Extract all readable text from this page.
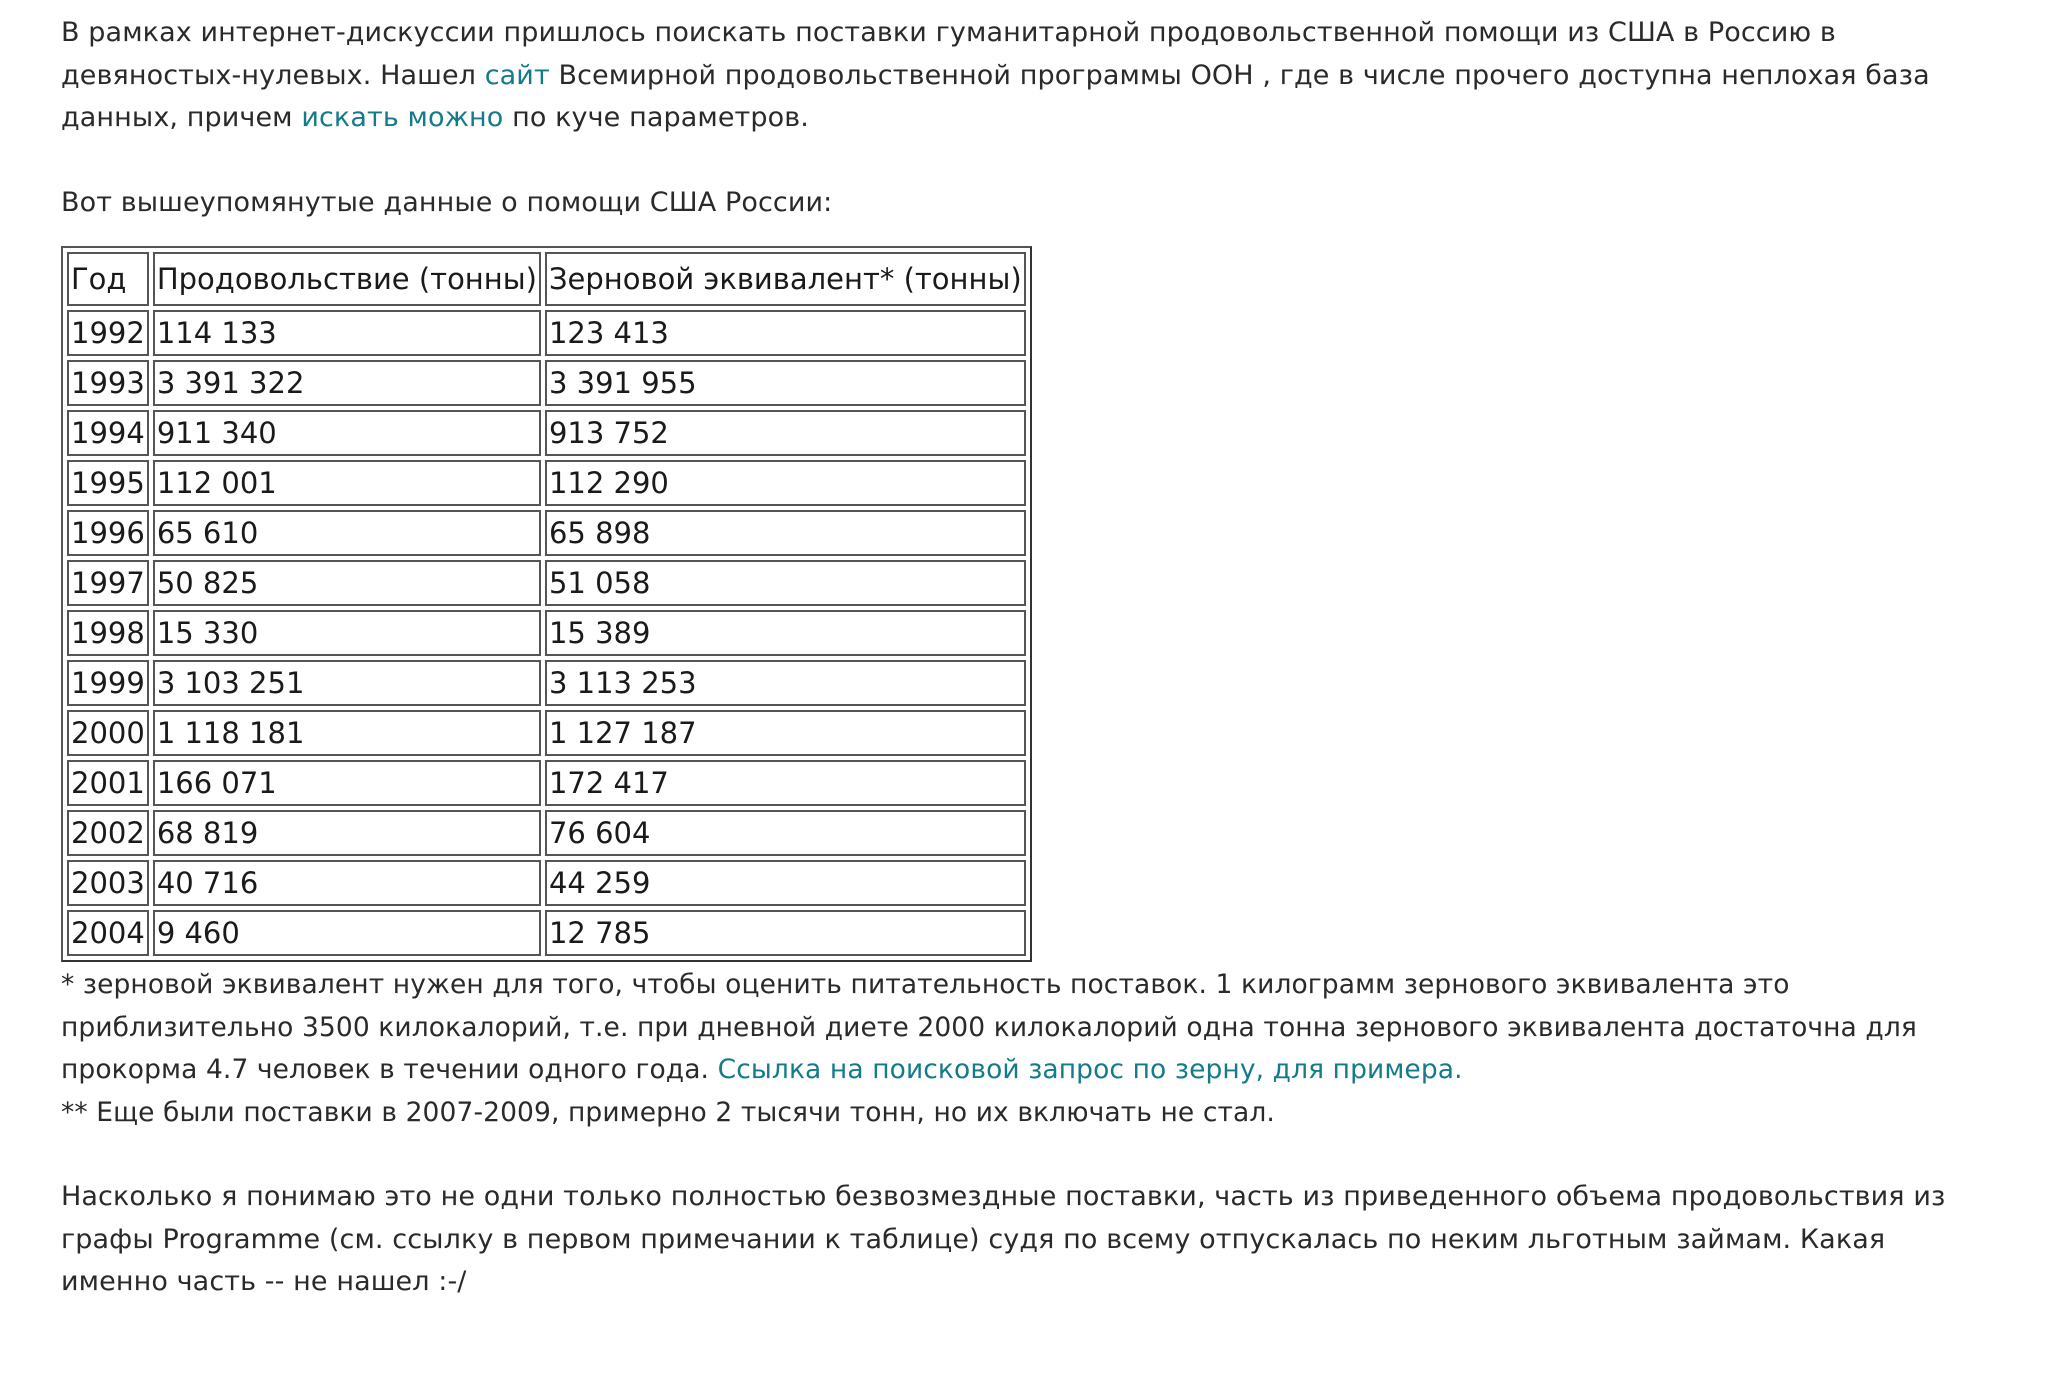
В рамках интернет-дискуссии пришлось поискать поставки гуманитарной продовольственной помощи из США в Россию в девяностых-нулевых. Нашел сайт Всемирной продовольственной программы ООН , где в числе прочего доступна неплохая база данных, причем искать можно по куче параметров.

Вот вышеупомянутые данные о помощи США России:

Год	Продовольствие (тонны)	Зерновой эквивалент* (тонны)
1992	114 133	123 413
1993	3 391 322	3 391 955
1994	911 340	913 752
1995	112 001	112 290
1996	65 610	65 898
1997	50 825	51 058
1998	15 330	15 389
1999	3 103 251	3 113 253
2000	1 118 181	1 127 187
2001	166 071	172 417
2002	68 819	76 604
2003	40 716	44 259
2004	9 460	12 785

* зерновой эквивалент нужен для того, чтобы оценить питательность поставок. 1 килограмм зернового эквивалента это приблизительно 3500 килокалорий, т.е. при дневной диете 2000 килокалорий одна тонна зернового эквивалента достаточна для прокорма 4.7 человек в течении одного года. Ссылка на поисковой запрос по зерну, для примера.

** Еще были поставки в 2007-2009, примерно 2 тысячи тонн, но их включать не стал.

Насколько я понимаю это не одни только полностью безвозмездные поставки, часть из приведенного объема продовольствия из графы Programme (см. ссылку в первом примечании к таблице) судя по всему отпускалась по неким льготным займам. Какая именно часть -- не нашел :-/
